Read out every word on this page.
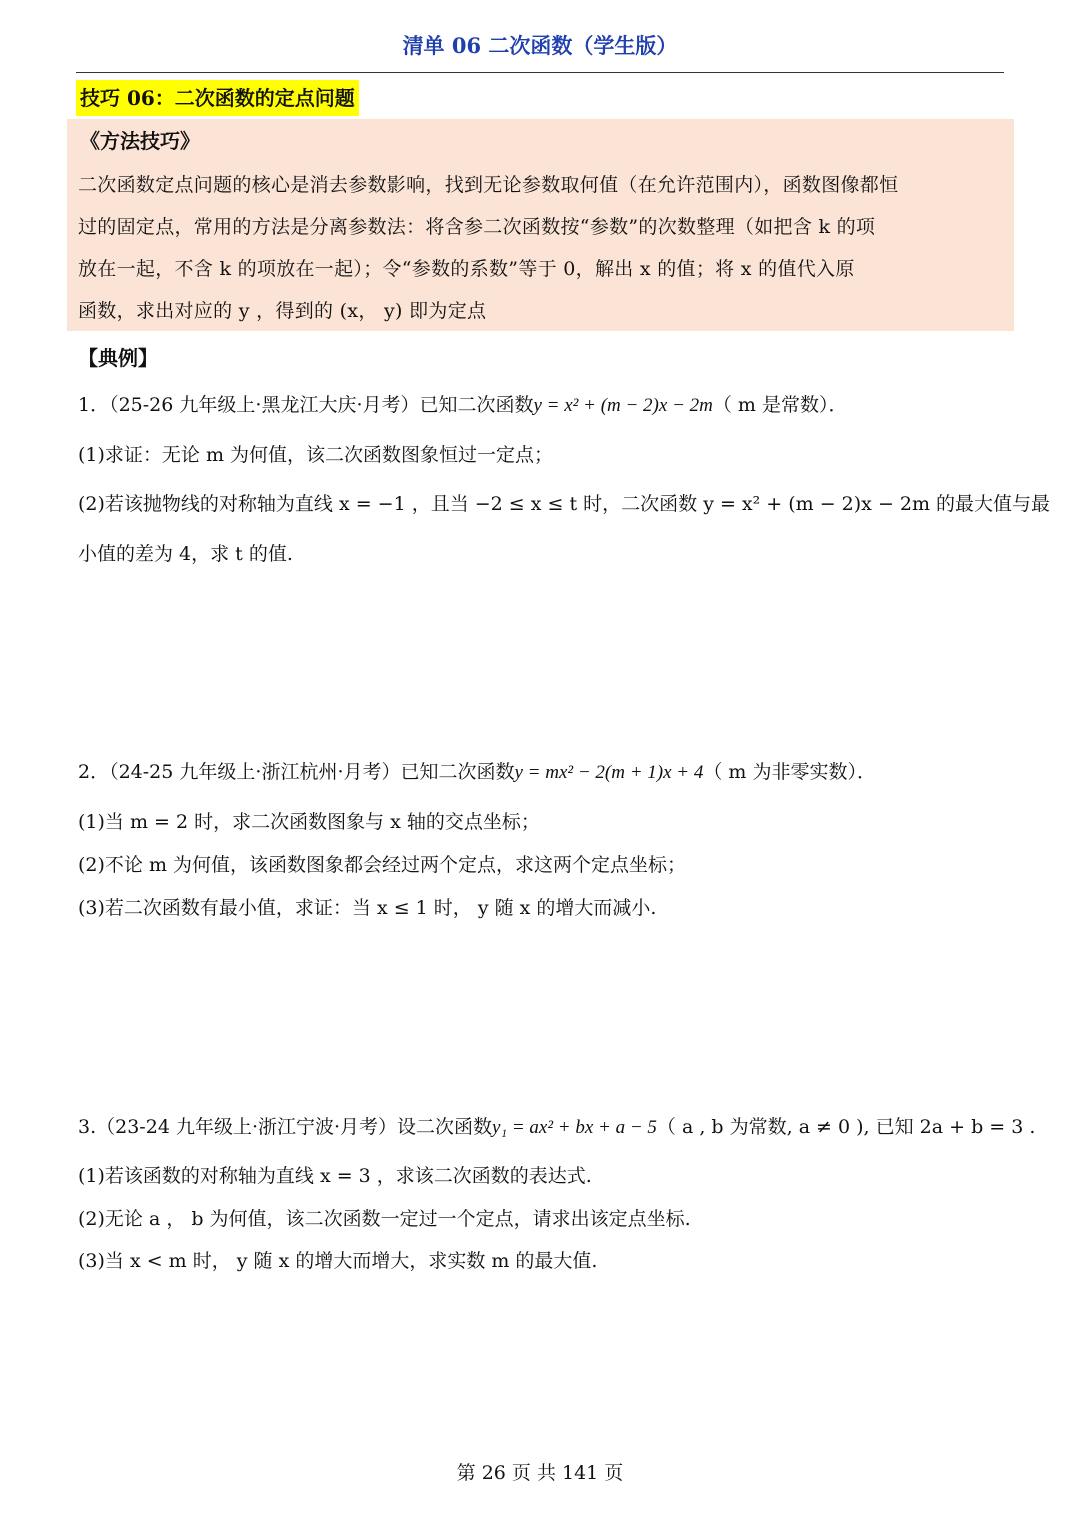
清单 06 二次函数（学生版）
技巧 06：二次函数的定点问题
《方法技巧》
二次函数定点问题的核心是消去参数影响，找到无论参数取何值（在允许范围内），函数图像都恒
过的固定点，常用的方法是分离参数法：将含参二次函数按“参数”的次数整理（如把含 k 的项
放在一起，不含 k 的项放在一起）；令“参数的系数”等于 0，解出 x 的值；将 x 的值代入原
函数，求出对应的 y ，得到的 (x， y) 即为定点
【典例】
1．（25-26 九年级上·黑龙江大庆·月考）已知二次函数y = x² + (m − 2)x − 2m（ m 是常数）．
(1)求证：无论 m 为何值，该二次函数图象恒过一定点；
(2)若该抛物线的对称轴为直线 x = −1 ，且当 −2 ≤ x ≤ t 时，二次函数 y = x² + (m − 2)x − 2m 的最大值与最
小值的差为 4，求 t 的值.
2．（24-25 九年级上·浙江杭州·月考）已知二次函数y = mx² − 2(m + 1)x + 4（ m 为非零实数）．
(1)当 m = 2 时，求二次函数图象与 x 轴的交点坐标；
(2)不论 m 为何值，该函数图象都会经过两个定点，求这两个定点坐标；
(3)若二次函数有最小值，求证：当 x ≤ 1 时， y 随 x 的增大而减小.
3.（23-24 九年级上·浙江宁波·月考）设二次函数y₁ = ax² + bx + a − 5（ a , b 为常数, a ≠ 0 ), 已知 2a + b = 3 .
(1)若该函数的对称轴为直线 x = 3 ，求该二次函数的表达式.
(2)无论 a ， b 为何值，该二次函数一定过一个定点，请求出该定点坐标.
(3)当 x < m 时， y 随 x 的增大而增大，求实数 m 的最大值.
第 26 页 共 141 页
